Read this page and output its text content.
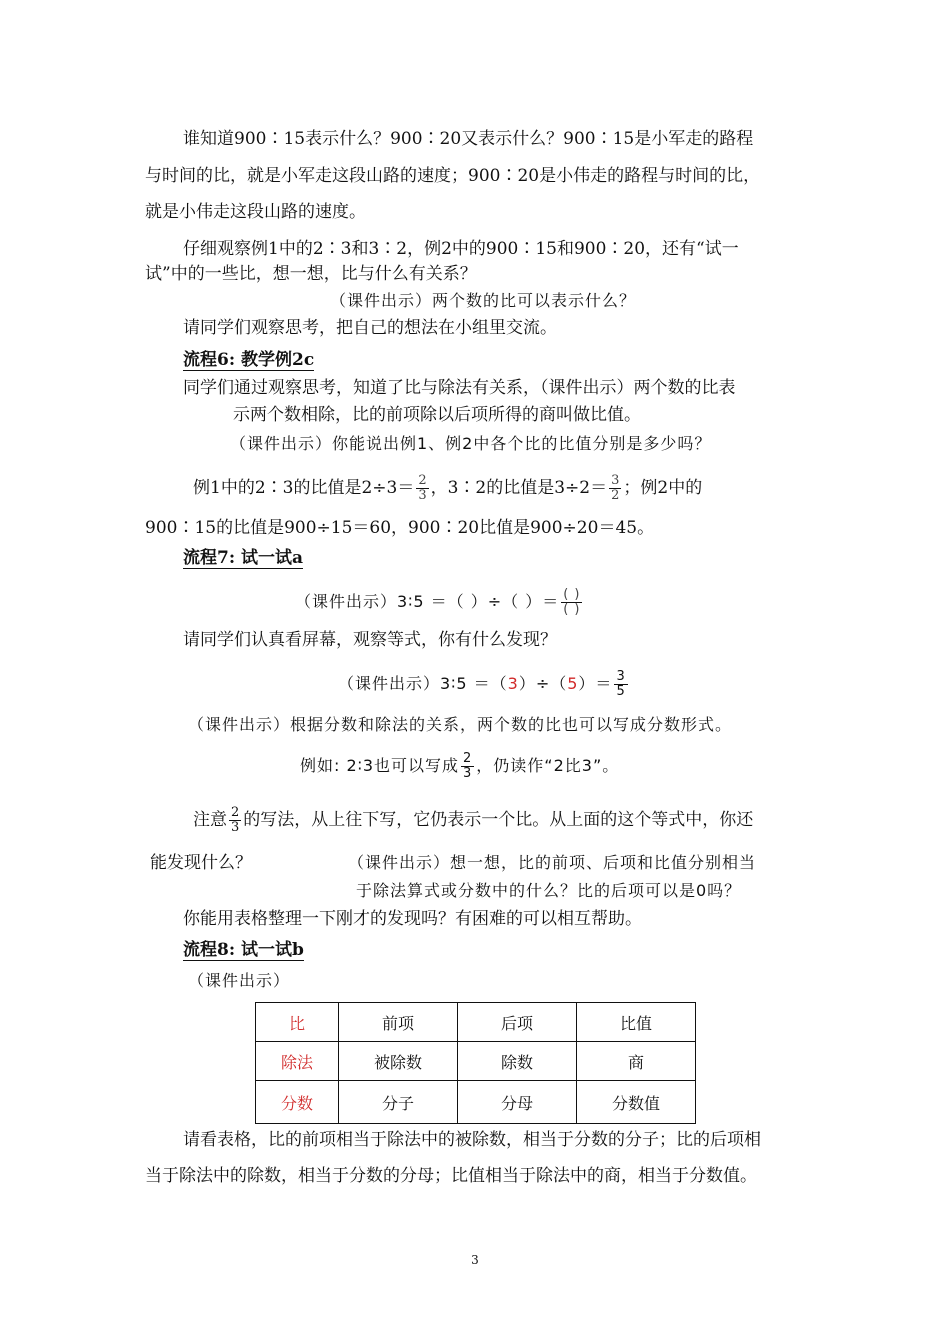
谁知道900∶15表示什么？900∶20又表示什么？900∶15是小军走的路程
与时间的比，就是小军走这段山路的速度；900∶20是小伟走的路程与时间的比，
就是小伟走这段山路的速度。
仔细观察例1中的2∶3和3∶2，例2中的900∶15和900∶20，还有“试一
试”中的一些比，想一想，比与什么有关系？
（课件出示）两个数的比可以表示什么？
请同学们观察思考，把自己的想法在小组里交流。
流程6: 教学例2c
同学们通过观察思考，知道了比与除法有关系，（课件出示）两个数的比表
示两个数相除，比的前项除以后项所得的商叫做比值。
（课件出示）你能说出例1、例2中各个比的比值分别是多少吗？
例1中的2∶3的比值是$2\div 3= \frac{2}{3}$ ，3∶2的比值是$3\div 2= \frac{3}{2}$ ；例2中的
900∶15的比值是900÷15＝60，900∶20比值是900÷20＝45。
流程7: 试一试a
（课件出示）3∶5 ＝（ ）÷（ ）＝ $\frac{( )}{( )}$
请同学们认真看屏幕，观察等式，你有什么发现？
（课件出示）3∶5 $=(3)\div(5)= \frac{3}{5}$
（课件出示）根据分数和除法的关系，两个数的比也可以写成分数形式。
例如: 2∶3也可以写成 $\frac{2}{3}$ ，仍读作“2比3”。
注意 $\frac{2}{3}$ 的写法，从上往下写，它仍表示一个比。从上面的这个等式中，你还
能发现什么？	（课件出示）想一想，比的前项、后项和比值分别相当
于除法算式或分数中的什么？比的后项可以是0吗？
你能用表格整理一下刚才的发现吗？有困难的可以相互帮助。
流程8: 试一试b
（课件出示）
比	前项	后项	比值
除法	被除数	除数	商
分数	分子	分母	分数值
请看表格，比的前项相当于除法中的被除数，相当于分数的分子；比的后项相
当于除法中的除数，相当于分数的分母；比值相当于除法中的商，相当于分数值。
3
